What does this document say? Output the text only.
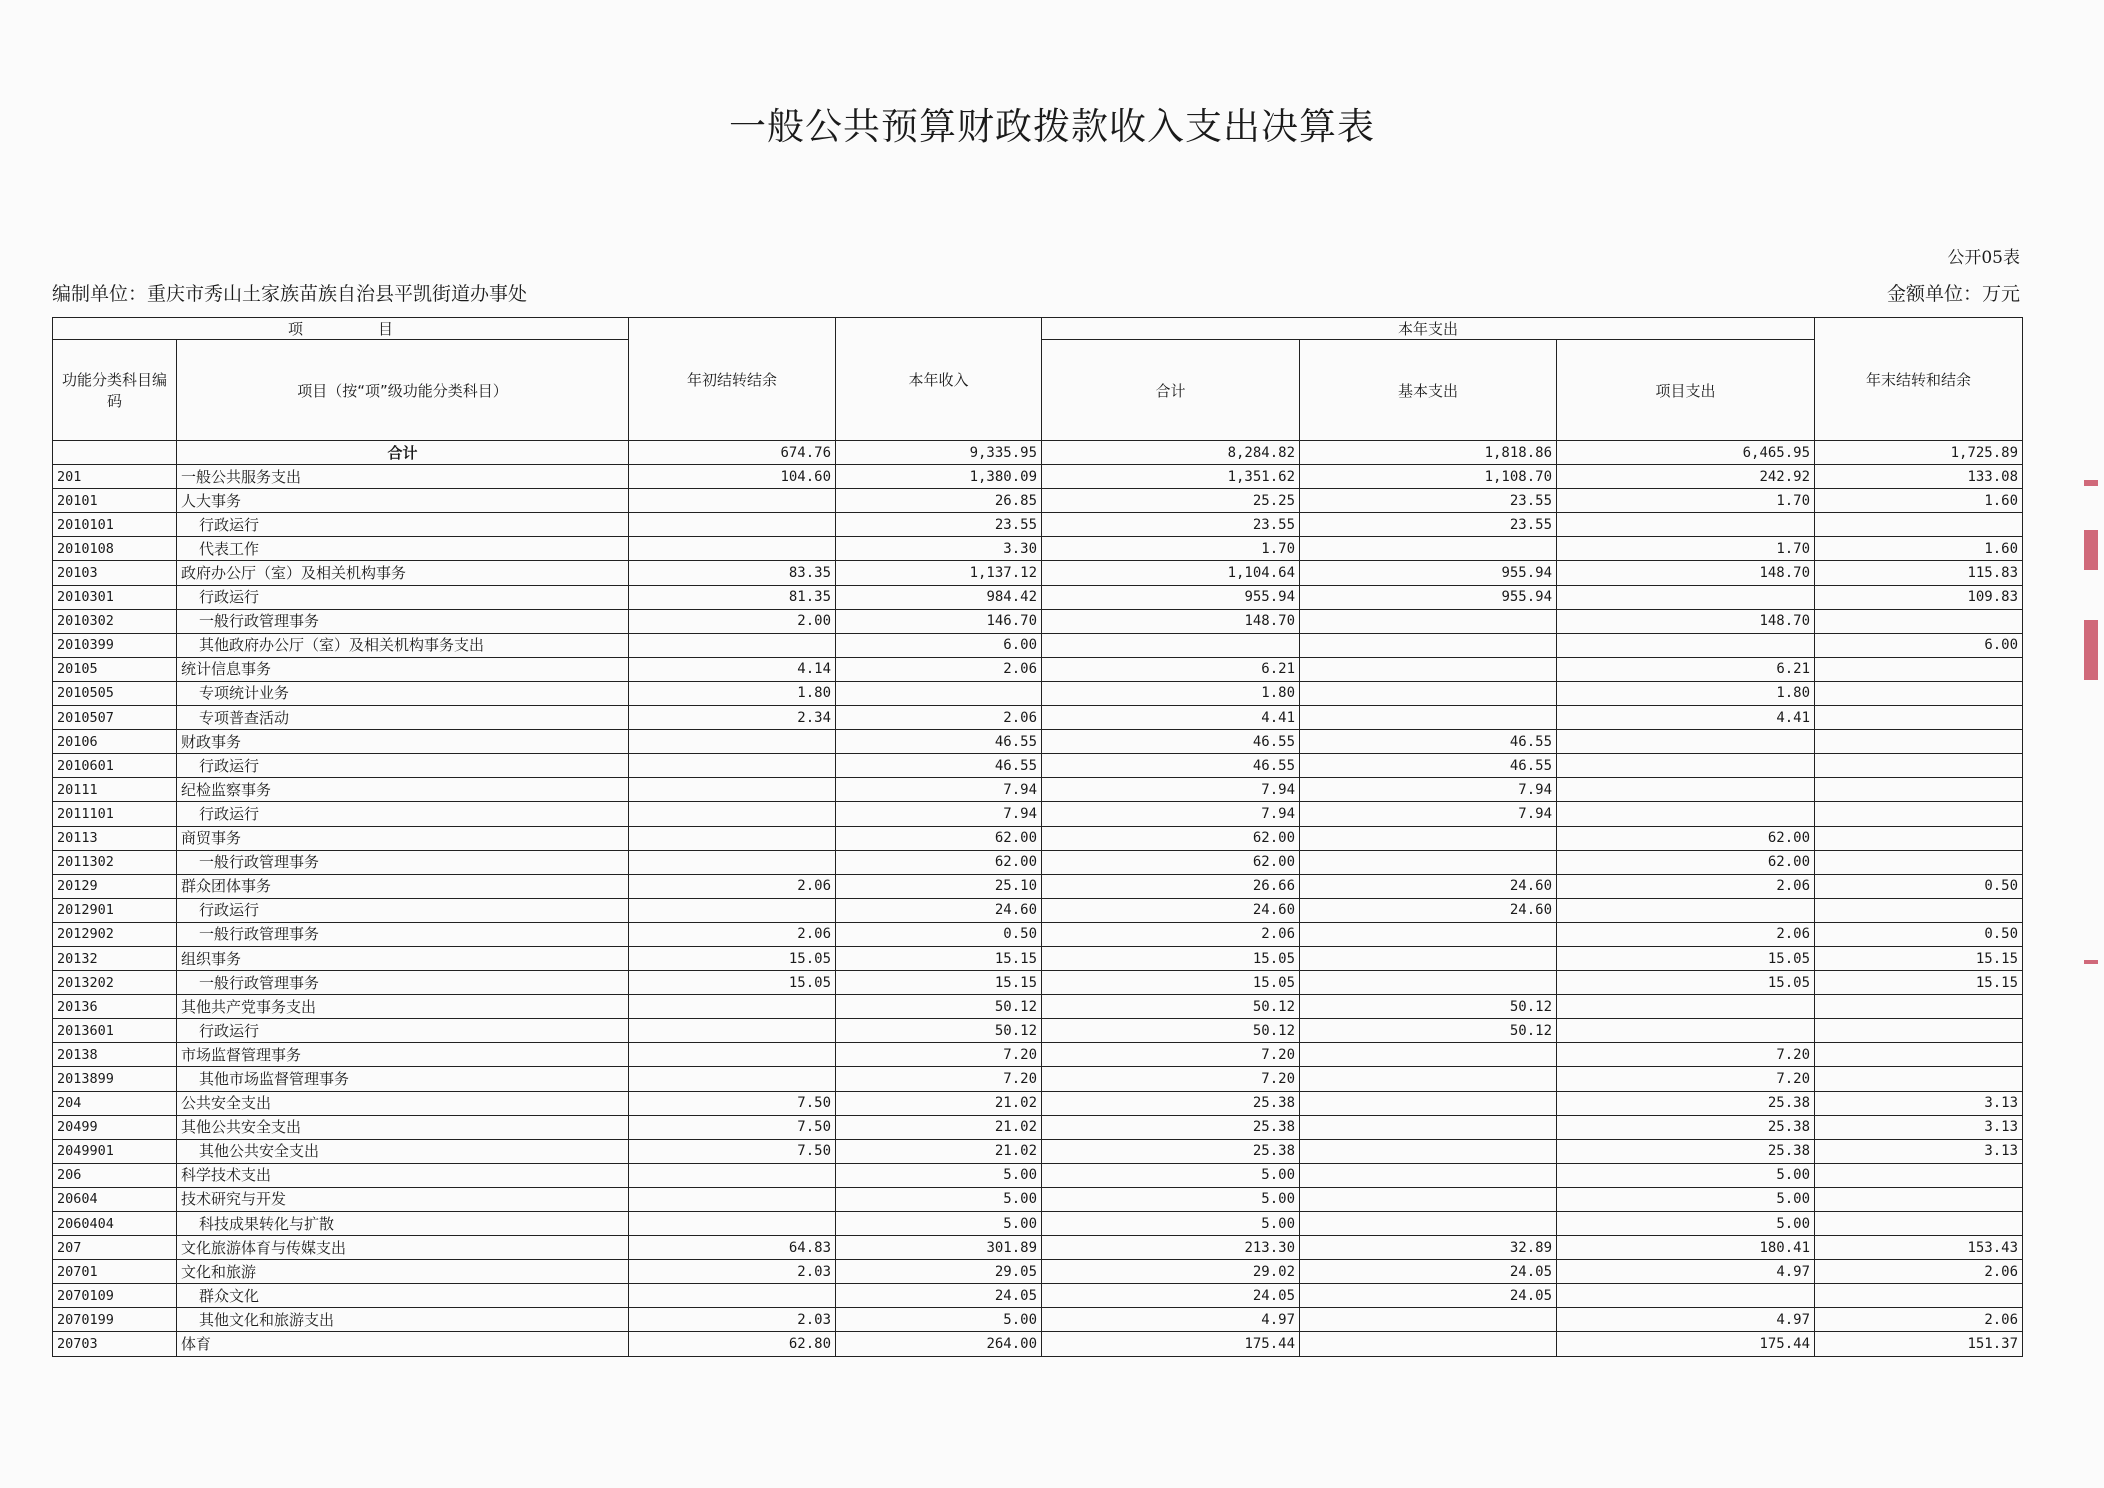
一般公共预算财政拨款收入支出决算表
公开05表
编制单位：重庆市秀山土家族苗族自治县平凯街道办事处	金额单位：万元
项　　　　　目		年初结转结余	本年收入	本年支出			年末结转和结余
功能分类科目编码	项目（按“项”级功能分类科目）			合计	基本支出	项目支出	
	合计	674.76	9,335.95	8,284.82	1,818.86	6,465.95	1,725.89
201	一般公共服务支出	104.60	1,380.09	1,351.62	1,108.70	242.92	133.08
20101	人大事务		26.85	25.25	23.55	1.70	1.60
2010101	行政运行		23.55	23.55	23.55		
2010108	代表工作		3.30	1.70		1.70	1.60
20103	政府办公厅（室）及相关机构事务	83.35	1,137.12	1,104.64	955.94	148.70	115.83
2010301	行政运行	81.35	984.42	955.94	955.94		109.83
2010302	一般行政管理事务	2.00	146.70	148.70		148.70	
2010399	其他政府办公厅（室）及相关机构事务支出		6.00				6.00
20105	统计信息事务	4.14	2.06	6.21		6.21	
2010505	专项统计业务	1.80		1.80		1.80	
2010507	专项普查活动	2.34	2.06	4.41		4.41	
20106	财政事务		46.55	46.55	46.55		
2010601	行政运行		46.55	46.55	46.55		
20111	纪检监察事务		7.94	7.94	7.94		
2011101	行政运行		7.94	7.94	7.94		
20113	商贸事务		62.00	62.00		62.00	
2011302	一般行政管理事务		62.00	62.00		62.00	
20129	群众团体事务	2.06	25.10	26.66	24.60	2.06	0.50
2012901	行政运行		24.60	24.60	24.60		
2012902	一般行政管理事务	2.06	0.50	2.06		2.06	0.50
20132	组织事务	15.05	15.15	15.05		15.05	15.15
2013202	一般行政管理事务	15.05	15.15	15.05		15.05	15.15
20136	其他共产党事务支出		50.12	50.12	50.12		
2013601	行政运行		50.12	50.12	50.12		
20138	市场监督管理事务		7.20	7.20		7.20	
2013899	其他市场监督管理事务		7.20	7.20		7.20	
204	公共安全支出	7.50	21.02	25.38		25.38	3.13
20499	其他公共安全支出	7.50	21.02	25.38		25.38	3.13
2049901	其他公共安全支出	7.50	21.02	25.38		25.38	3.13
206	科学技术支出		5.00	5.00		5.00	
20604	技术研究与开发		5.00	5.00		5.00	
2060404	科技成果转化与扩散		5.00	5.00		5.00	
207	文化旅游体育与传媒支出	64.83	301.89	213.30	32.89	180.41	153.43
20701	文化和旅游	2.03	29.05	29.02	24.05	4.97	2.06
2070109	群众文化		24.05	24.05	24.05		
2070199	其他文化和旅游支出	2.03	5.00	4.97		4.97	2.06
20703	体育	62.80	264.00	175.44		175.44	151.37
